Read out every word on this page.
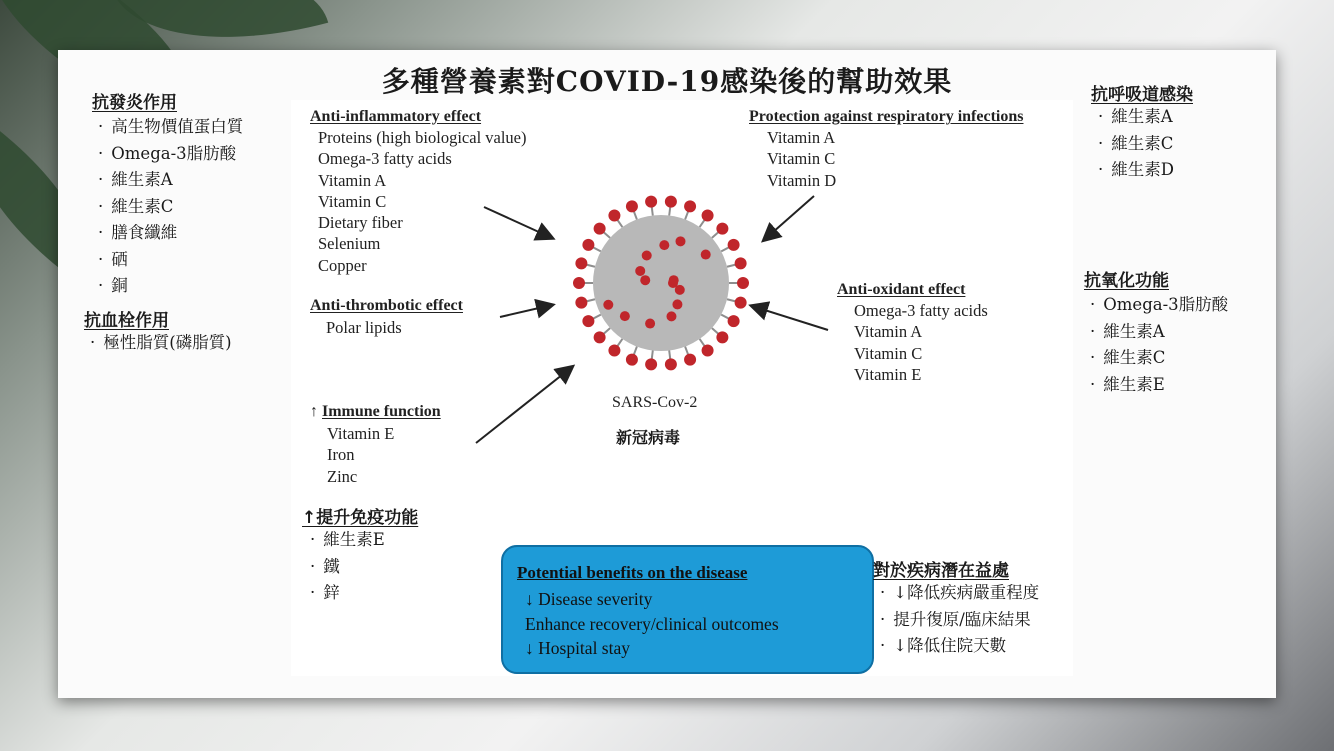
多種營養素對COVID-19感染後的幫助效果
抗發炎作用
· 高生物價值蛋白質
· Omega-3脂肪酸
· 維生素A
· 維生素C
· 膳食纖維
· 硒
· 銅
抗血栓作用
· 極性脂質(磷脂質)
抗呼吸道感染
· 維生素A
· 維生素C
· 維生素D
抗氧化功能
· Omega-3脂肪酸
· 維生素A
· 維生素C
· 維生素E
Anti-inflammatory effect
Proteins (high biological value)
Omega-3 fatty acids
Vitamin A
Vitamin C
Dietary fiber
Selenium
Copper
Anti-thrombotic effect
Polar lipids
↑ Immune function
Vitamin E
Iron
Zinc
Protection against respiratory infections
Vitamin A
Vitamin C
Vitamin D
Anti-oxidant effect
Omega-3 fatty acids
Vitamin A
Vitamin C
Vitamin E
SARS-Cov-2
新冠病毒
↑提升免疫功能
· 維生素E
· 鐵
· 鋅
Potential benefits on the disease
↓ Disease severity
Enhance recovery/clinical outcomes
↓ Hospital stay
對於疾病潛在益處
· ↓降低疾病嚴重程度
· 提升復原/臨床結果
· ↓降低住院天數
